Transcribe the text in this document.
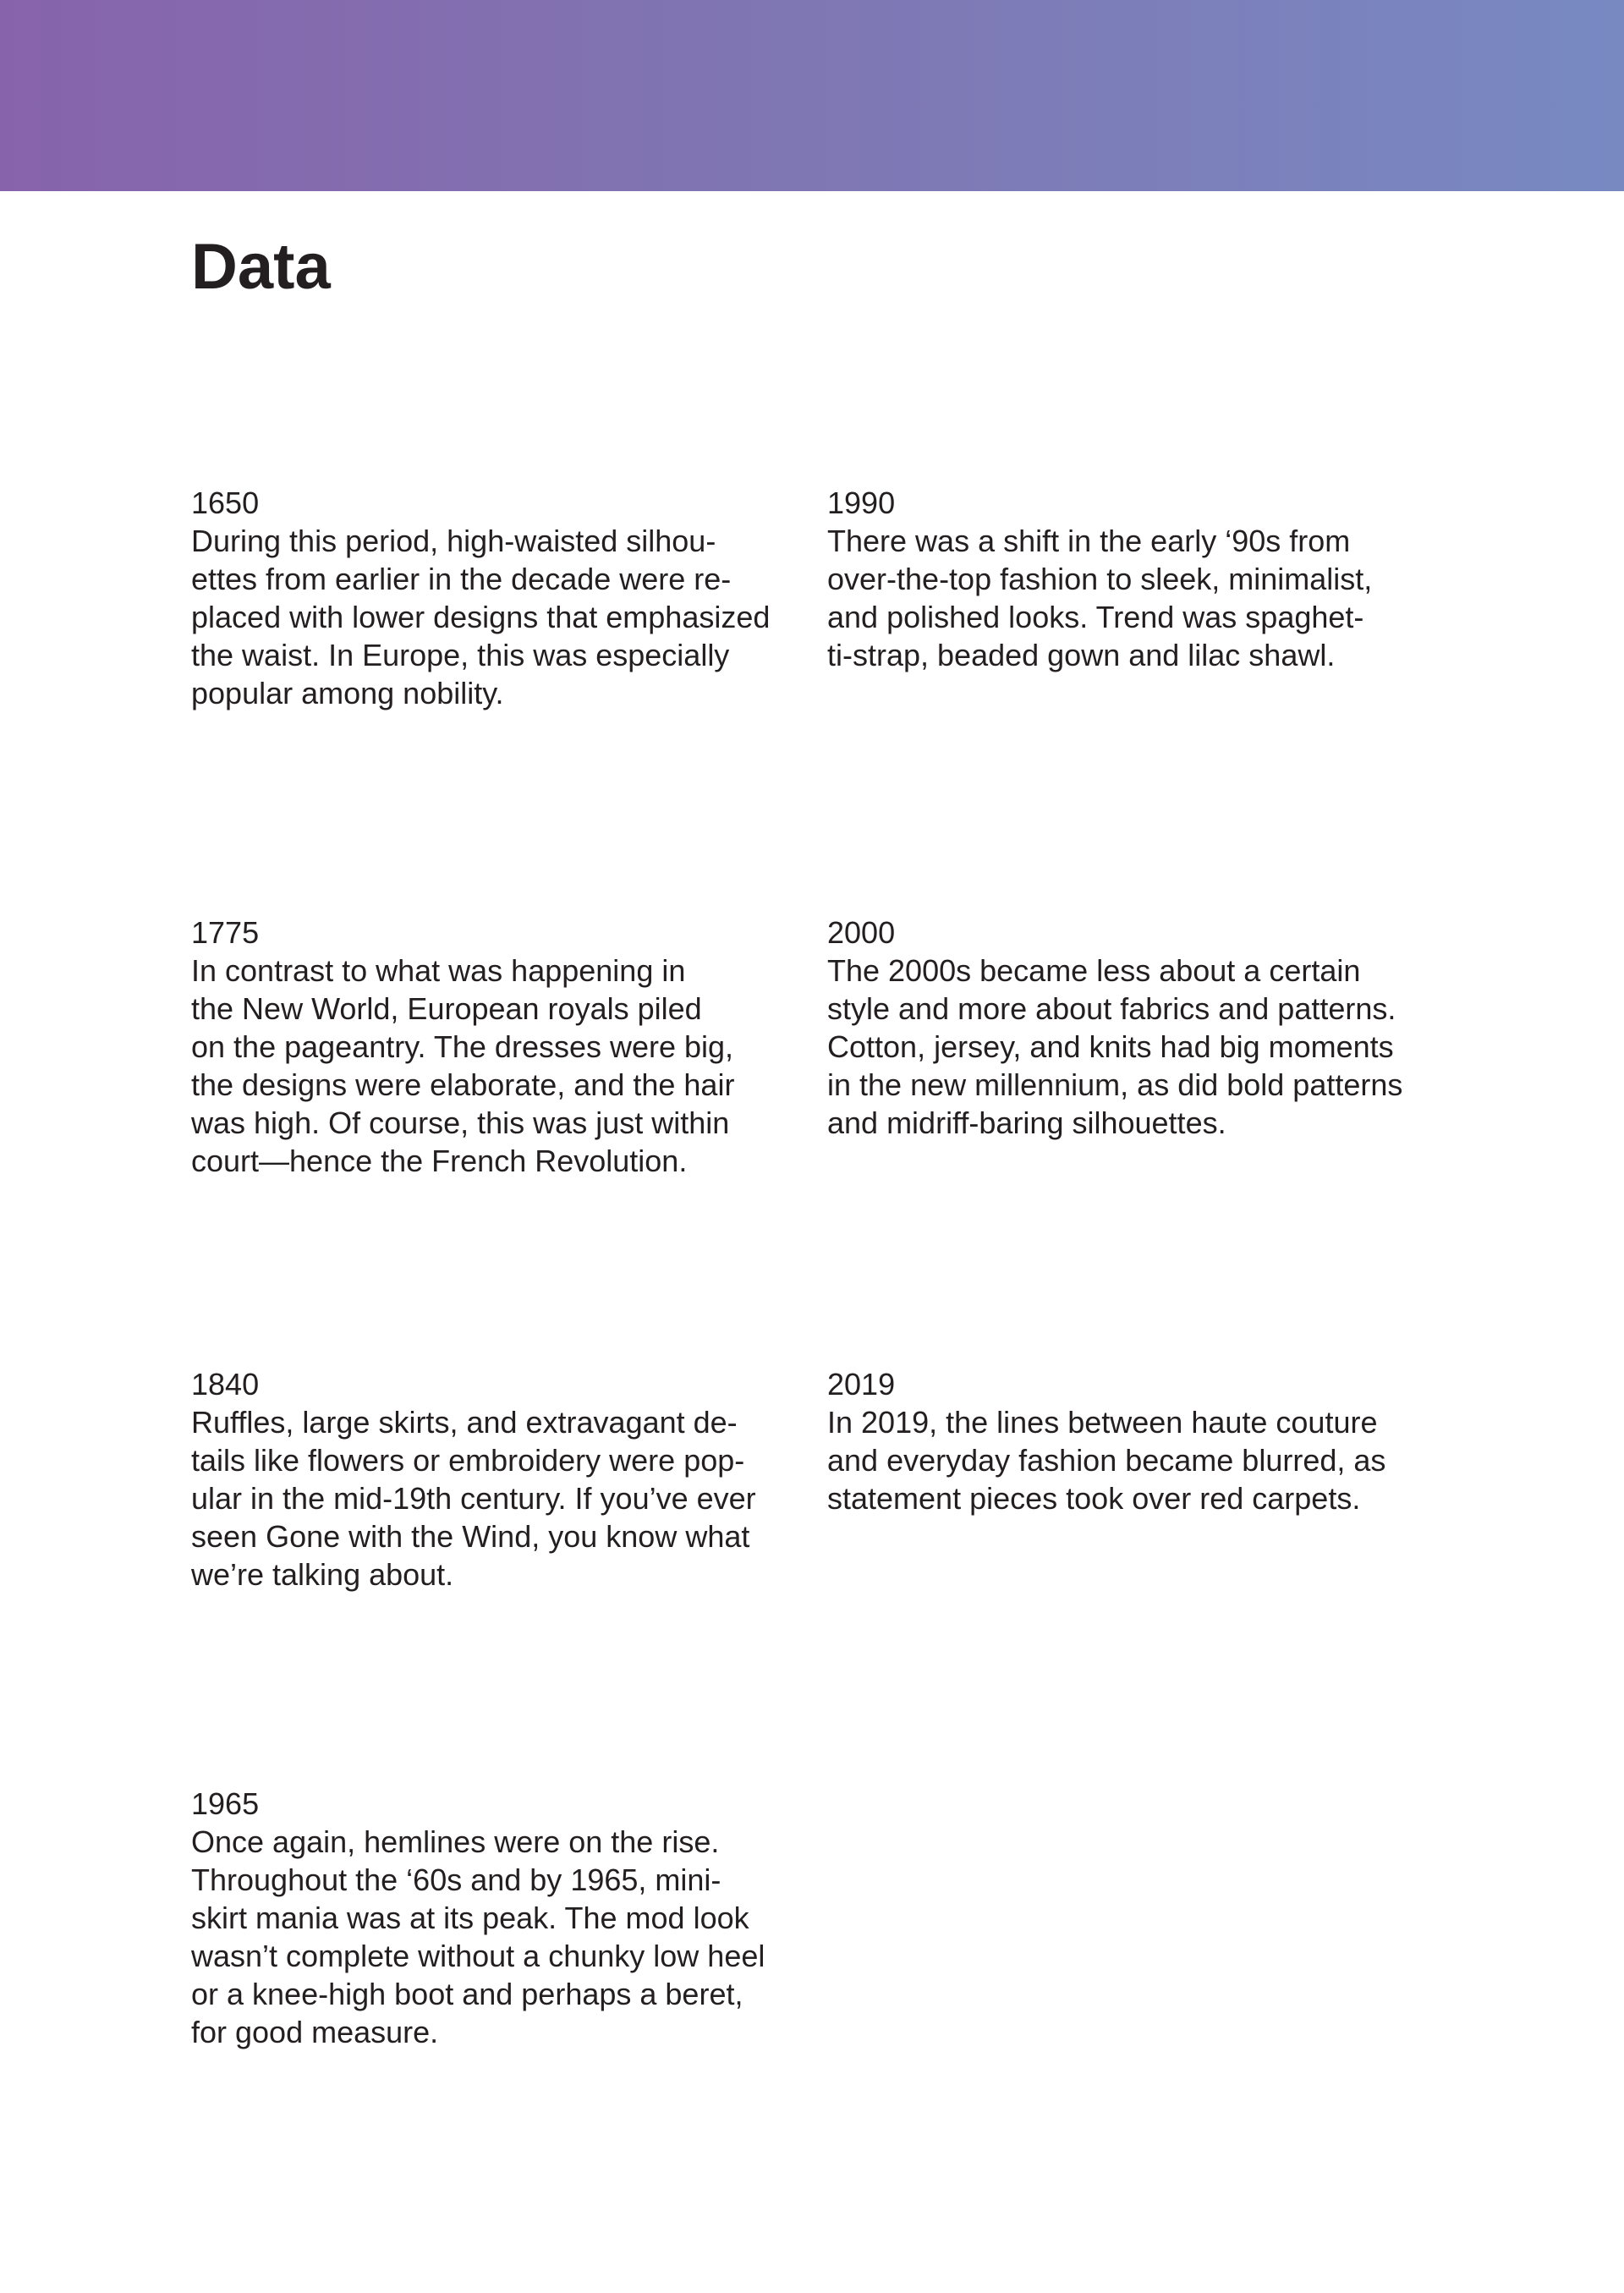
Data
1650
During this period, high-waisted silhou-
ettes from earlier in the decade were re-
placed with lower designs that emphasized
the waist. In Europe, this was especially
popular among nobility.
1990
There was a shift in the early ‘90s from
over-the-top fashion to sleek, minimalist,
and polished looks. Trend was spaghet-
ti-strap, beaded gown and lilac shawl.
1775
In contrast to what was happening in
the New World, European royals piled
on the pageantry. The dresses were big,
the designs were elaborate, and the hair
was high. Of course, this was just within
court—hence the French Revolution.
2000
The 2000s became less about a certain
style and more about fabrics and patterns.
Cotton, jersey, and knits had big moments
in the new millennium, as did bold patterns
and midriff-baring silhouettes.
1840
Ruffles, large skirts, and extravagant de-
tails like flowers or embroidery were pop-
ular in the mid-19th century. If you’ve ever
seen Gone with the Wind, you know what
we’re talking about.
2019
In 2019, the lines between haute couture
and everyday fashion became blurred, as
statement pieces took over red carpets.
1965
Once again, hemlines were on the rise.
Throughout the ‘60s and by 1965, mini-
skirt mania was at its peak. The mod look
wasn’t complete without a chunky low heel
or a knee-high boot and perhaps a beret,
for good measure.
